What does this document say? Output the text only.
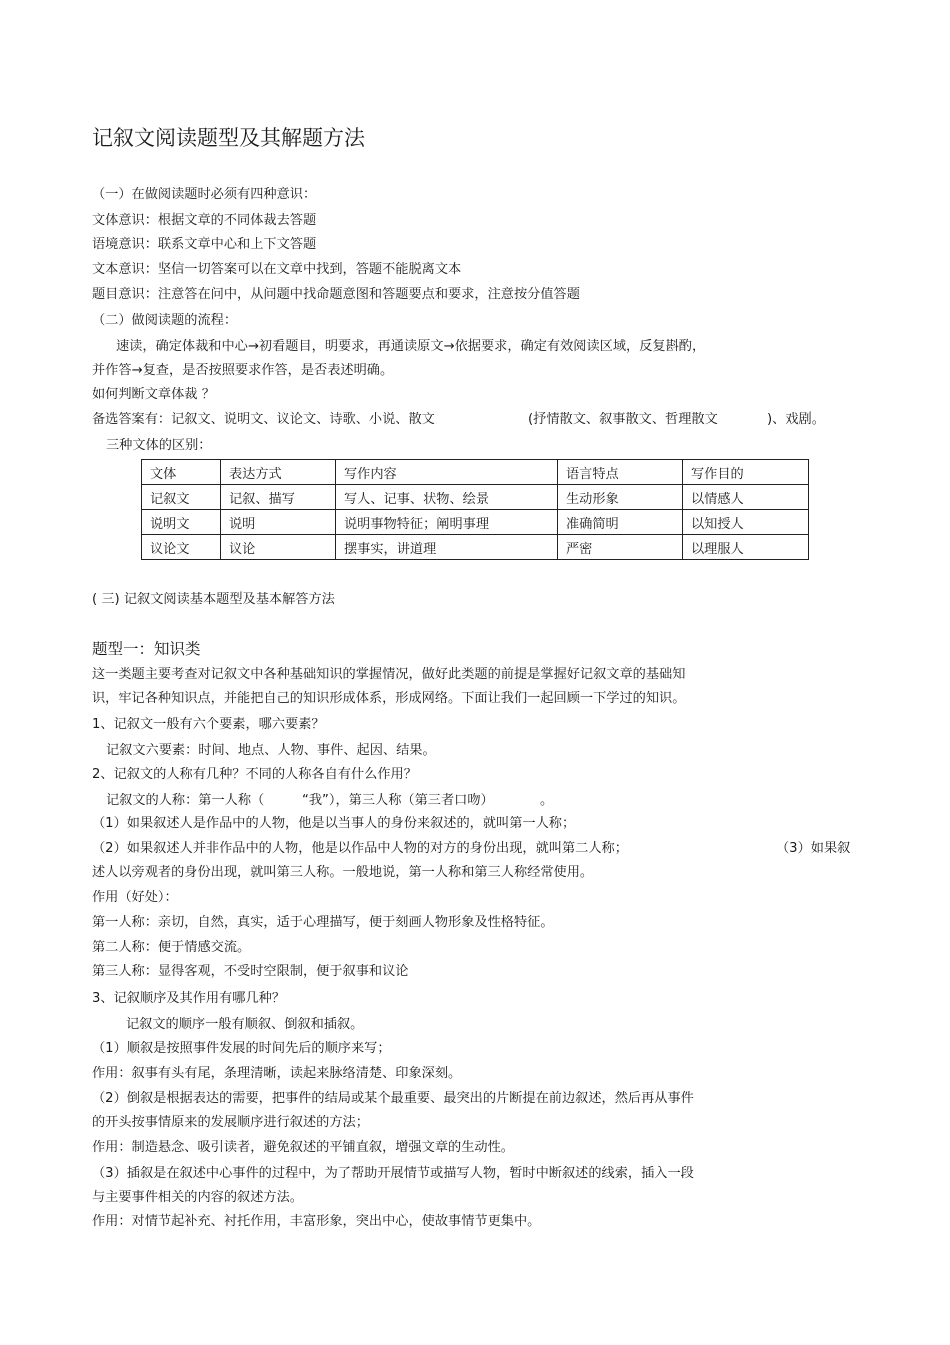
记叙文阅读题型及其解题方法
（一）在做阅读题时必须有四种意识：
文体意识：根据文章的不同体裁去答题
语境意识：联系文章中心和上下文答题
文本意识：坚信一切答案可以在文章中找到，答题不能脱离文本
题目意识：注意答在问中，从问题中找命题意图和答题要点和要求，注意按分值答题
（二）做阅读题的流程：
速读，确定体裁和中心→初看题目，明要求，再通读原文→依据要求，确定有效阅读区域，反复斟酌，
并作答→复查，是否按照要求作答，是否表述明确。
如何判断文章体裁 ？
备选答案有：记叙文、说明文、议论文、诗歌、小说、散文	(抒情散文、叙事散文、哲理散文	)、戏剧。
三种文体的区别：
文体	表达方式	写作内容	语言特点	写作目的
记叙文	记叙、描写	写人、记事、状物、绘景	生动形象	以情感人
说明文	说明	说明事物特征；阐明事理	准确简明	以知授人
议论文	议论	摆事实，讲道理	严密	以理服人
( 三) 记叙文阅读基本题型及基本解答方法
题型一：知识类
这一类题主要考查对记叙文中各种基础知识的掌握情况，做好此类题的前提是掌握好记叙文章的基础知
识，牢记各种知识点，并能把自己的知识形成体系，形成网络。下面让我们一起回顾一下学过的知识。
1、记叙文一般有六个要素，哪六要素？
记叙文六要素：时间、地点、人物、事件、起因、结果。
2、记叙文的人称有几种？不同的人称各自有什么作用？
记叙文的人称：第一人称（	“我”），第三人称（第三者口吻）	。
（1）如果叙述人是作品中的人物，他是以当事人的身份来叙述的，就叫第一人称；
（2）如果叙述人并非作品中的人物，他是以作品中人物的对方的身份出现，就叫第二人称；	（3）如果叙
述人以旁观者的身份出现，就叫第三人称。一般地说，第一人称和第三人称经常使用。
作用（好处）：
第一人称：亲切，自然，真实，适于心理描写，便于刻画人物形象及性格特征。
第二人称：便于情感交流。
第三人称：显得客观，不受时空限制，便于叙事和议论
3、记叙顺序及其作用有哪几种？
记叙文的顺序一般有顺叙、倒叙和插叙。
（1）顺叙是按照事件发展的时间先后的顺序来写；
作用：叙事有头有尾，条理清晰，读起来脉络清楚、印象深刻。
（2）倒叙是根据表达的需要，把事件的结局或某个最重要、最突出的片断提在前边叙述，然后再从事件
的开头按事情原来的发展顺序进行叙述的方法；
作用：制造悬念、吸引读者，避免叙述的平铺直叙，增强文章的生动性。
（3）插叙是在叙述中心事件的过程中，为了帮助开展情节或描写人物，暂时中断叙述的线索，插入一段
与主要事件相关的内容的叙述方法。
作用：对情节起补充、衬托作用，丰富形象，突出中心，使故事情节更集中。
